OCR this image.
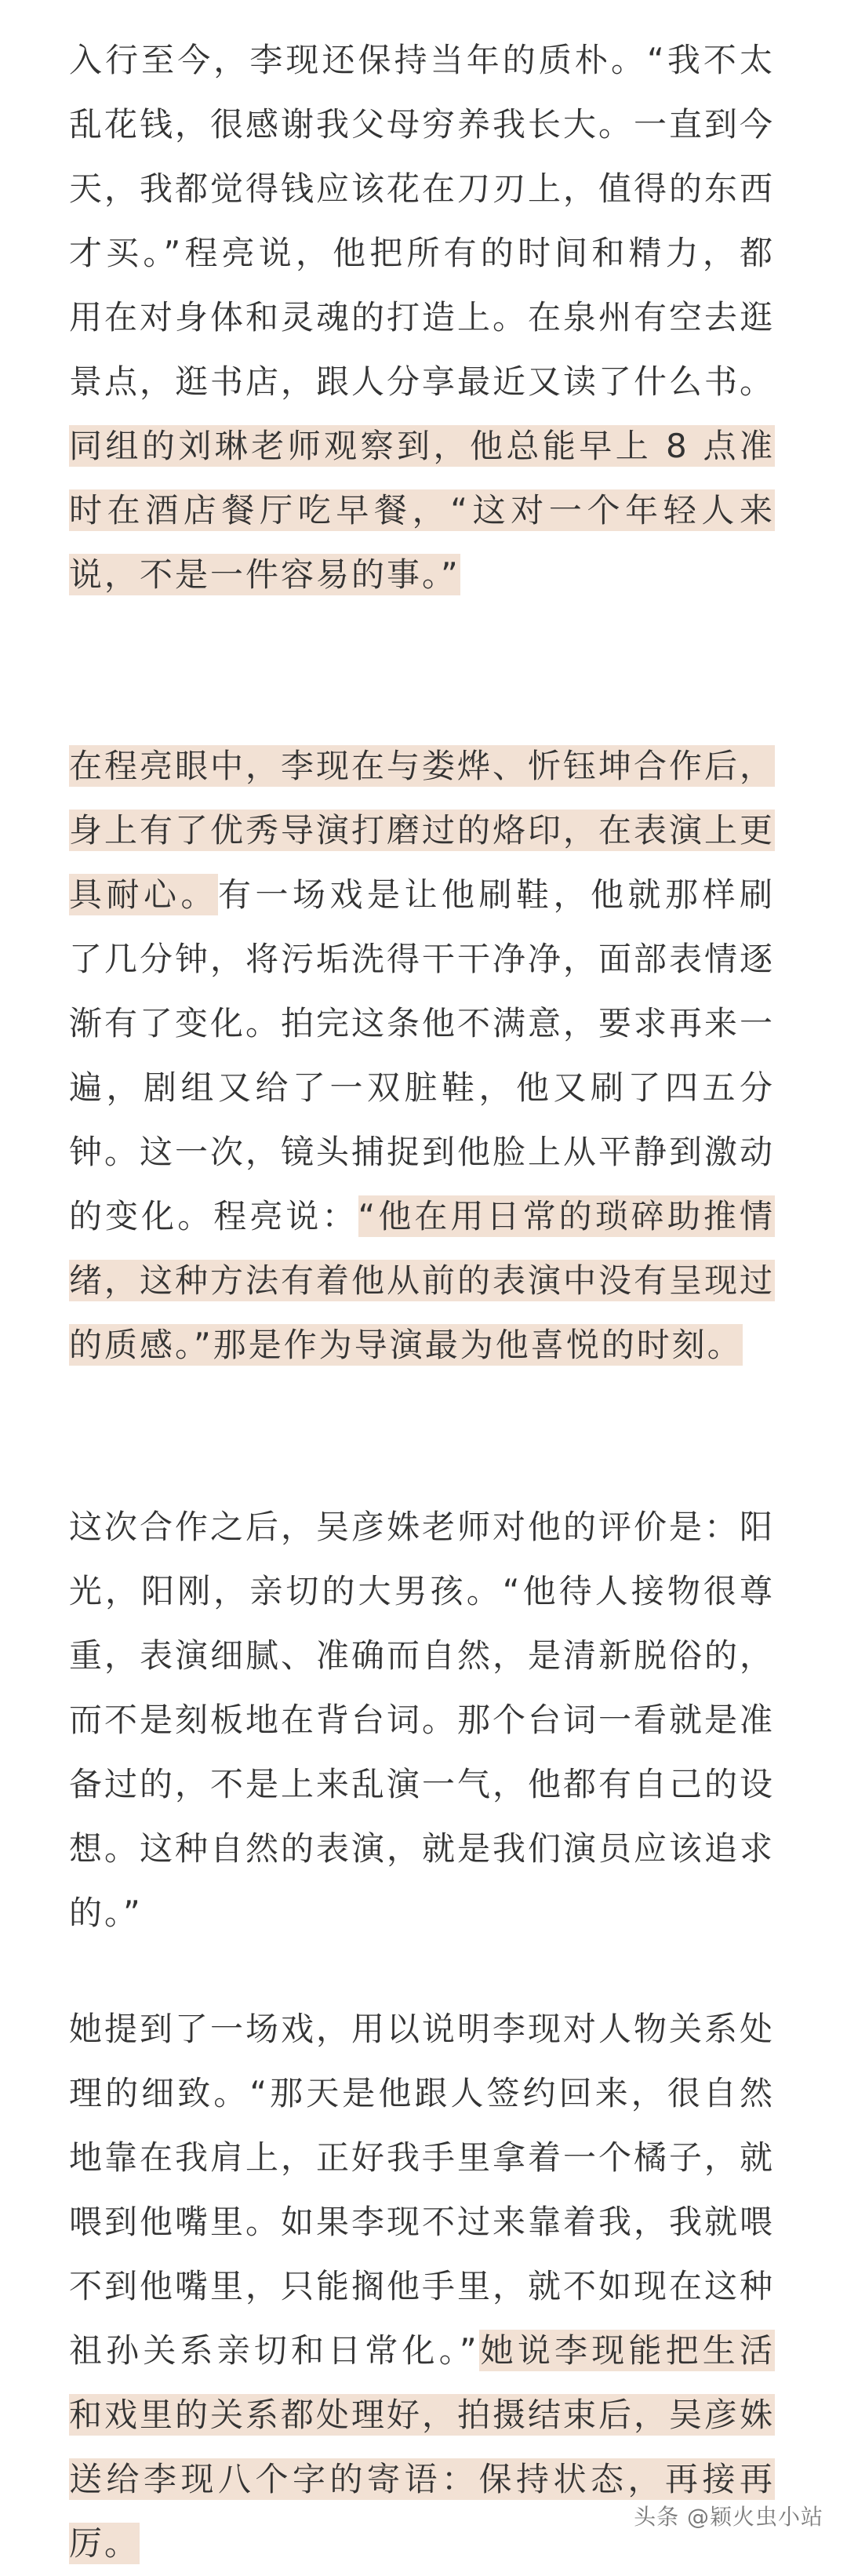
入行至今，李现还保持当年的质朴。“我不太乱花钱，很感谢我父母穷养我长大。一直到今天，我都觉得钱应该花在刀刃上，值得的东西才买。”程亮说，他把所有的时间和精力，都用在对身体和灵魂的打造上。在泉州有空去逛景点，逛书店，跟人分享最近又读了什么书。同组的刘琳老师观察到，他总能早上 8 点准时在酒店餐厅吃早餐，“这对一个年轻人来说，不是一件容易的事。”

在程亮眼中，李现在与娄烨、忻钰坤合作后，身上有了优秀导演打磨过的烙印，在表演上更具耐心。有一场戏是让他刷鞋，他就那样刷了几分钟，将污垢洗得干干净净，面部表情逐渐有了变化。拍完这条他不满意，要求再来一遍，剧组又给了一双脏鞋，他又刷了四五分钟。这一次，镜头捕捉到他脸上从平静到激动的变化。程亮说：“他在用日常的琐碎助推情绪，这种方法有着他从前的表演中没有呈现过的质感。”那是作为导演最为他喜悦的时刻。

这次合作之后，吴彦姝老师对他的评价是：阳光，阳刚，亲切的大男孩。“他待人接物很尊重，表演细腻、准确而自然，是清新脱俗的，而不是刻板地在背台词。那个台词一看就是准备过的，不是上来乱演一气，他都有自己的设想。这种自然的表演，就是我们演员应该追求的。”

她提到了一场戏，用以说明李现对人物关系处理的细致。“那天是他跟人签约回来，很自然地靠在我肩上，正好我手里拿着一个橘子，就喂到他嘴里。如果李现不过来靠着我，我就喂不到他嘴里，只能搁他手里，就不如现在这种祖孙关系亲切和日常化。”她说李现能把生活和戏里的关系都处理好，拍摄结束后，吴彦姝送给李现八个字的寄语：保持状态，再接再厉。

头条 @颖火虫小站
